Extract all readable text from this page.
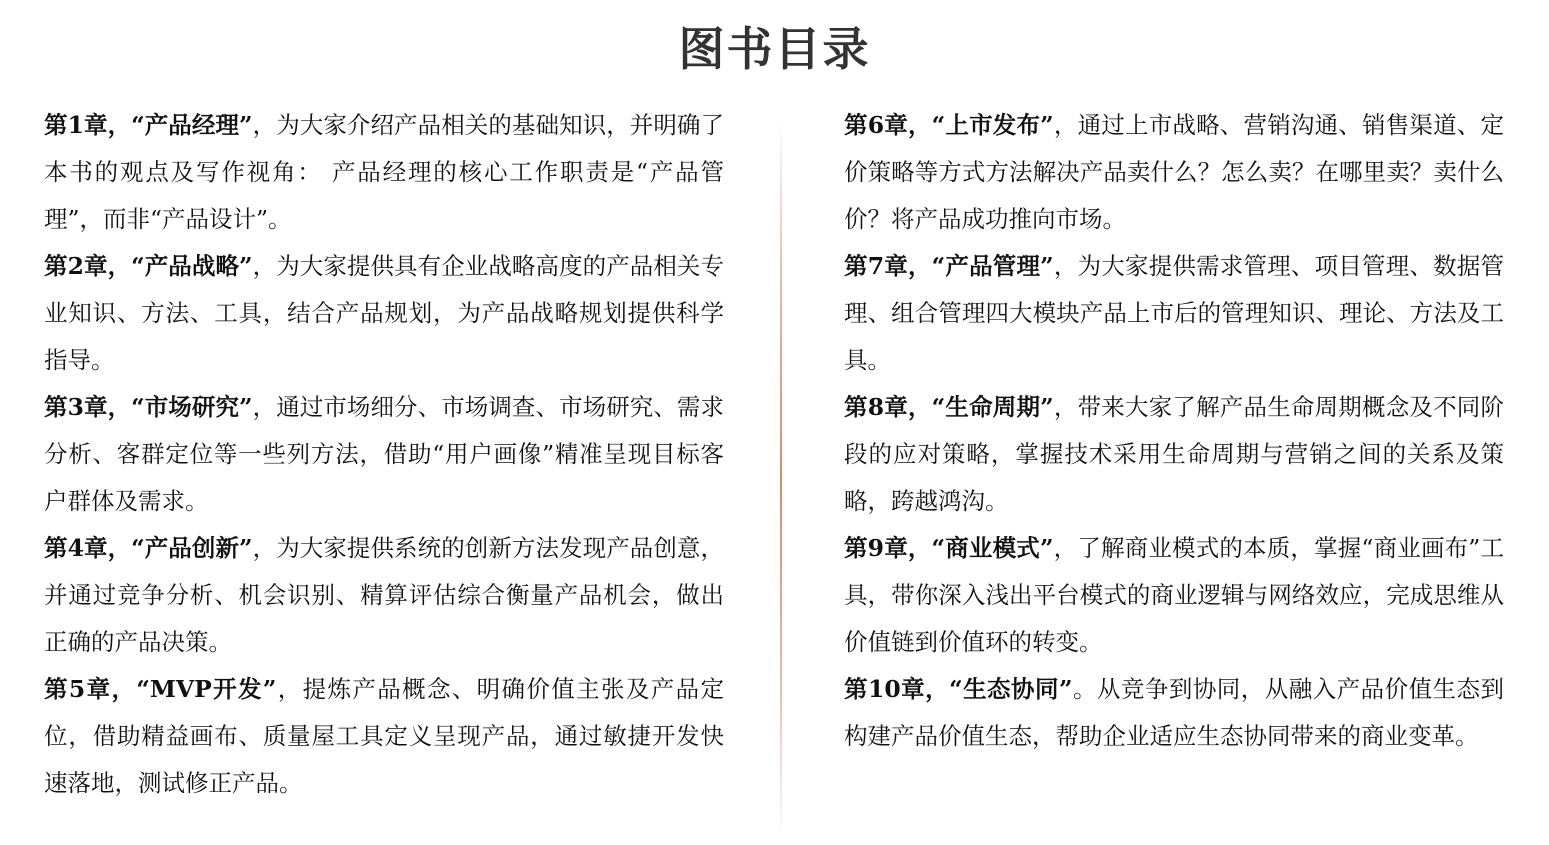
图书目录

第1章，“产品经理”，为大家介绍产品相关的基础知识，并明确了本书的观点及写作视角： 产品经理的核心工作职责是“产品管理”，而非“产品设计”。

第2章，“产品战略”，为大家提供具有企业战略高度的产品相关专业知识、方法、工具，结合产品规划，为产品战略规划提供科学指导。

第3章，“市场研究”，通过市场细分、市场调查、市场研究、需求分析、客群定位等一些列方法，借助“用户画像”精准呈现目标客户群体及需求。

第4章，“产品创新”，为大家提供系统的创新方法发现产品创意，并通过竞争分析、机会识别、精算评估综合衡量产品机会，做出正确的产品决策。

第5章，“MVP开发”，提炼产品概念、明确价值主张及产品定位，借助精益画布、质量屋工具定义呈现产品，通过敏捷开发快速落地，测试修正产品。

第6章，“上市发布”，通过上市战略、营销沟通、销售渠道、定价策略等方式方法解决产品卖什么？怎么卖？在哪里卖？卖什么价？将产品成功推向市场。

第7章，“产品管理”，为大家提供需求管理、项目管理、数据管理、组合管理四大模块产品上市后的管理知识、理论、方法及工具。

第8章，“生命周期”，带来大家了解产品生命周期概念及不同阶段的应对策略，掌握技术采用生命周期与营销之间的关系及策略，跨越鸿沟。

第9章，“商业模式”，了解商业模式的本质，掌握“商业画布”工具，带你深入浅出平台模式的商业逻辑与网络效应，完成思维从价值链到价值环的转变。

第10章，“生态协同”。从竞争到协同，从融入产品价值生态到构建产品价值生态，帮助企业适应生态协同带来的商业变革。
